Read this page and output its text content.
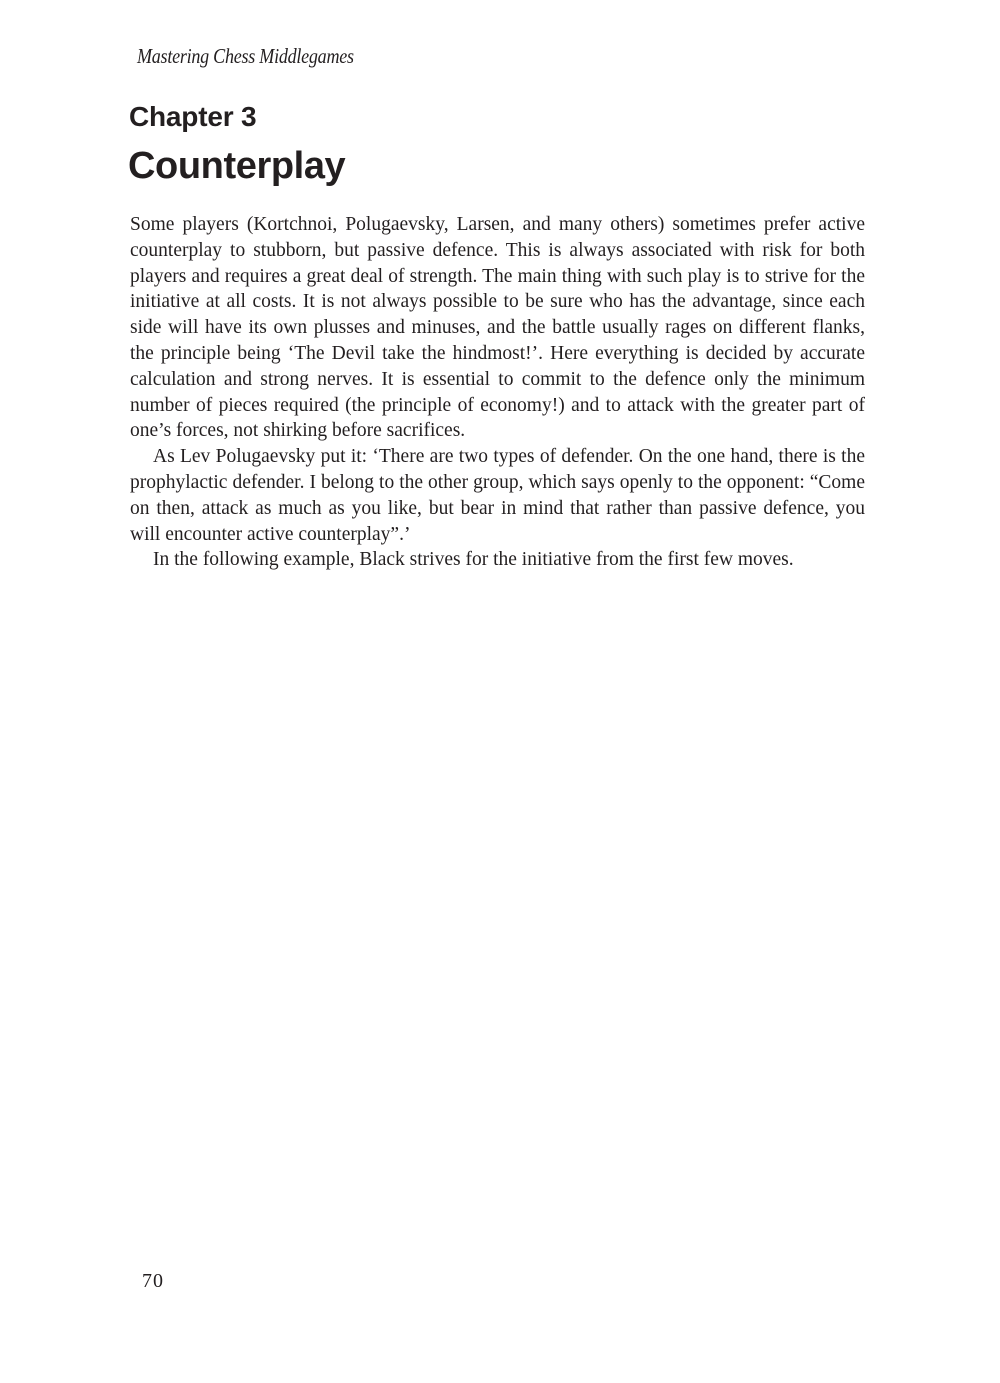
Mastering Chess Middlegames
Chapter 3
Counterplay

Some players (Kortchnoi, Polugaevsky, Larsen, and many others) sometimes prefer active counterplay to stubborn, but passive defence. This is always associated with risk for both players and requires a great deal of strength. The main thing with such play is to strive for the initiative at all costs. It is not always possible to be sure who has the advantage, since each side will have its own plusses and minuses, and the battle usually rages on different flanks, the principle being ‘The Devil take the hindmost!’. Here everything is decided by accurate calculation and strong nerves. It is essential to commit to the defence only the minimum number of pieces required (the principle of economy!) and to attack with the greater part of one’s forces, not shirking before sacrifices.

As Lev Polugaevsky put it: ‘There are two types of defender. On the one hand, there is the prophylactic defender. I belong to the other group, which says openly to the opponent: “Come on then, attack as much as you like, but bear in mind that rather than passive defence, you will encounter active counterplay”.’

In the following example, Black strives for the initiative from the first few moves.

70
